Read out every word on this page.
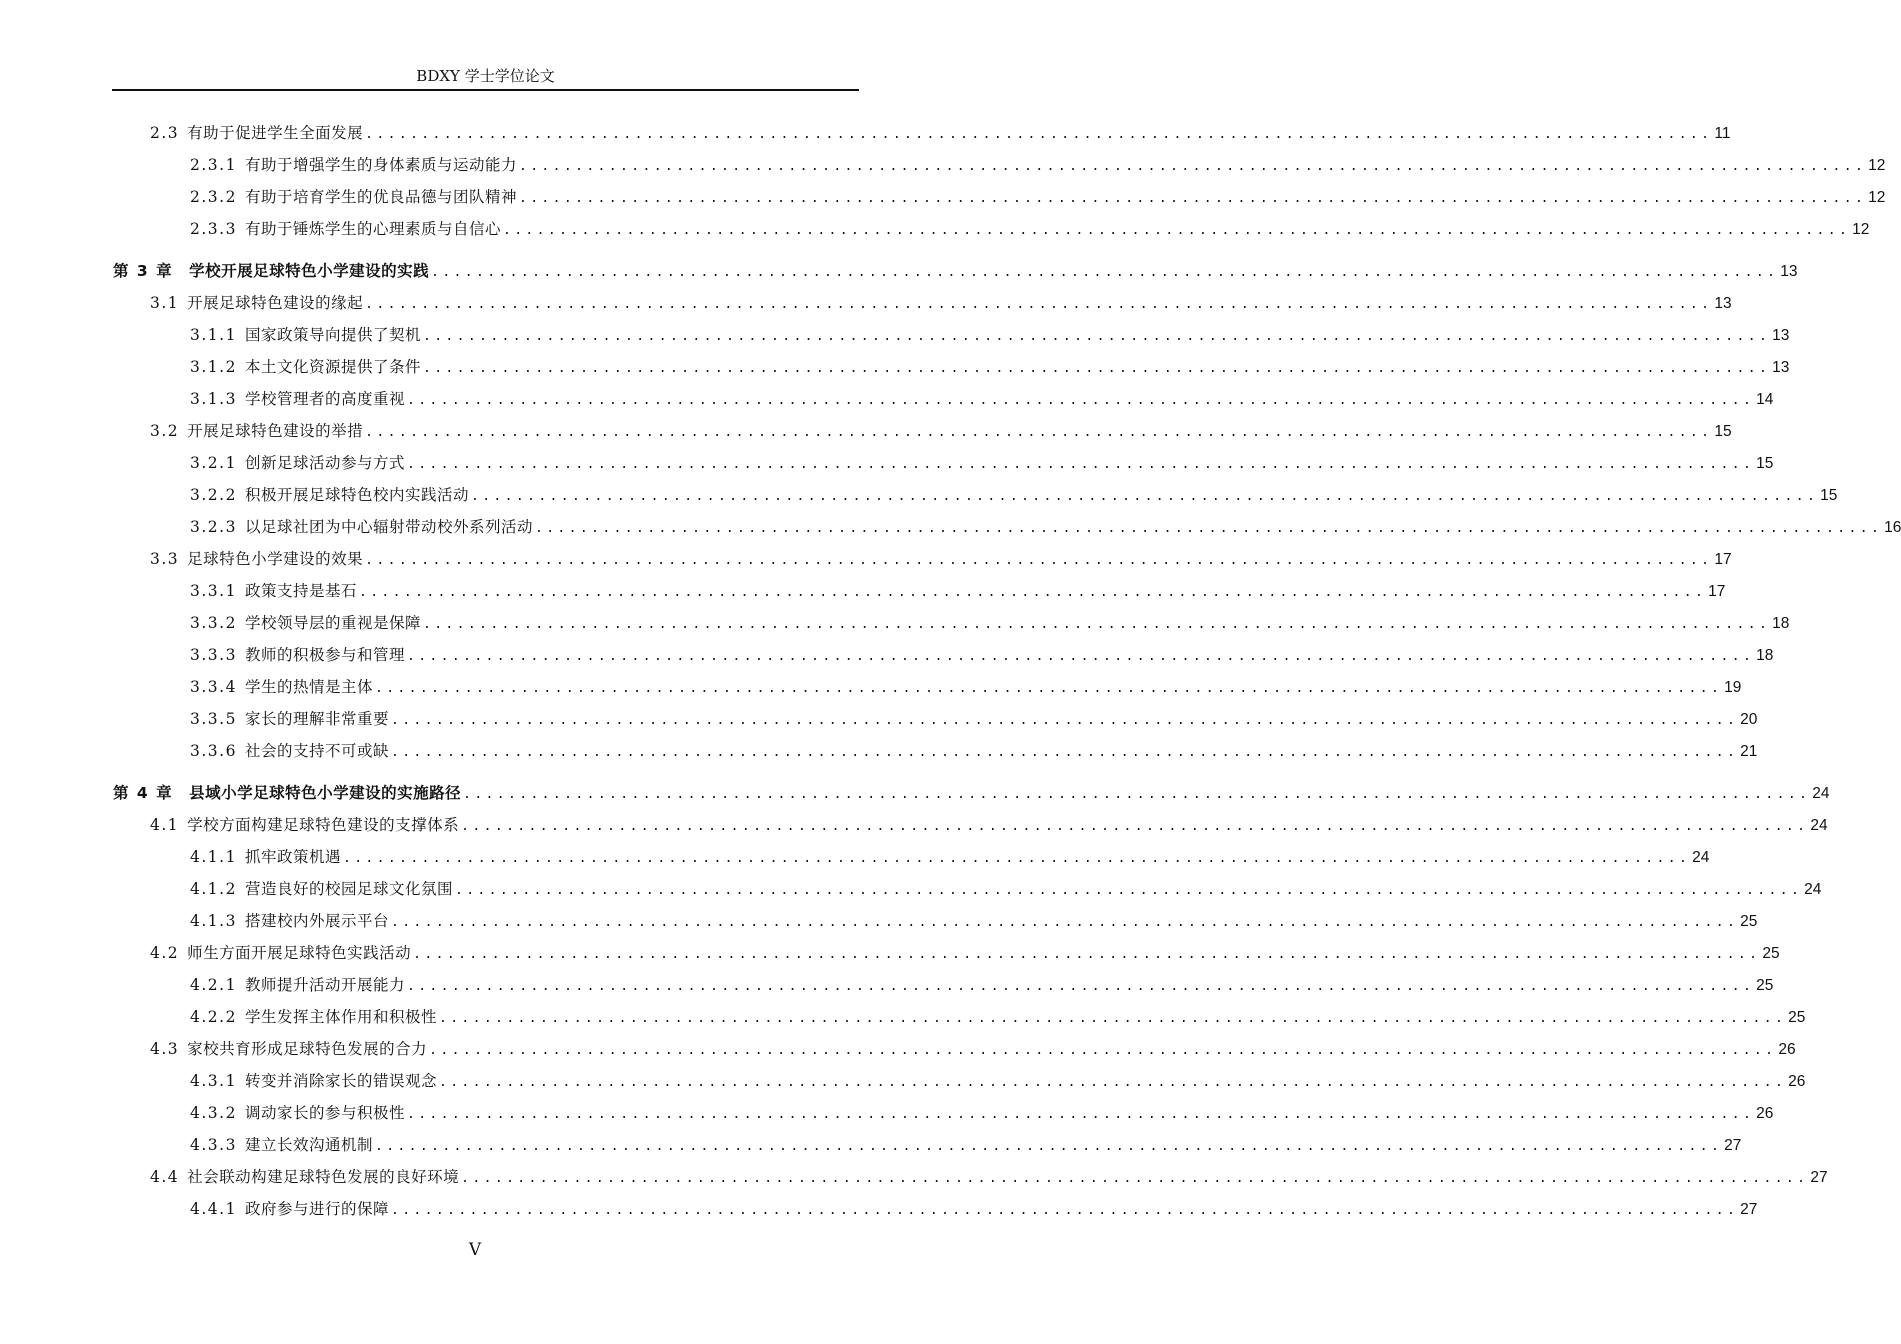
BDXY 学士学位论文
2.3 有助于促进学生全面发展 ........................................................................................................................ 11
2.3.1 有助于增强学生的身体素质与运动能力 ........................................................................................................................ 12
2.3.2 有助于培育学生的优良品德与团队精神 ........................................................................................................................ 12
2.3.3 有助于锤炼学生的心理素质与自信心 ........................................................................................................................ 12
第 3 章 学校开展足球特色小学建设的实践 ........................................................................................................................ 13
3.1 开展足球特色建设的缘起 ........................................................................................................................ 13
3.1.1 国家政策导向提供了契机 ........................................................................................................................ 13
3.1.2 本土文化资源提供了条件 ........................................................................................................................ 13
3.1.3 学校管理者的高度重视 ........................................................................................................................ 14
3.2 开展足球特色建设的举措 ........................................................................................................................ 15
3.2.1 创新足球活动参与方式 ........................................................................................................................ 15
3.2.2 积极开展足球特色校内实践活动 ........................................................................................................................ 15
3.2.3 以足球社团为中心辐射带动校外系列活动 ........................................................................................................................ 16
3.3 足球特色小学建设的效果 ........................................................................................................................ 17
3.3.1 政策支持是基石 ........................................................................................................................ 17
3.3.2 学校领导层的重视是保障 ........................................................................................................................ 18
3.3.3 教师的积极参与和管理 ........................................................................................................................ 18
3.3.4 学生的热情是主体 ........................................................................................................................ 19
3.3.5 家长的理解非常重要 ........................................................................................................................ 20
3.3.6 社会的支持不可或缺 ........................................................................................................................ 21
第 4 章 县域小学足球特色小学建设的实施路径 ........................................................................................................................ 24
4.1 学校方面构建足球特色建设的支撑体系 ........................................................................................................................ 24
4.1.1 抓牢政策机遇 ........................................................................................................................ 24
4.1.2 营造良好的校园足球文化氛围 ........................................................................................................................ 24
4.1.3 搭建校内外展示平台 ........................................................................................................................ 25
4.2 师生方面开展足球特色实践活动 ........................................................................................................................ 25
4.2.1 教师提升活动开展能力 ........................................................................................................................ 25
4.2.2 学生发挥主体作用和积极性 ........................................................................................................................ 25
4.3 家校共育形成足球特色发展的合力 ........................................................................................................................ 26
4.3.1 转变并消除家长的错误观念 ........................................................................................................................ 26
4.3.2 调动家长的参与积极性 ........................................................................................................................ 26
4.3.3 建立长效沟通机制 ........................................................................................................................ 27
4.4 社会联动构建足球特色发展的良好环境 ........................................................................................................................ 27
4.4.1 政府参与进行的保障 ........................................................................................................................ 27
V
